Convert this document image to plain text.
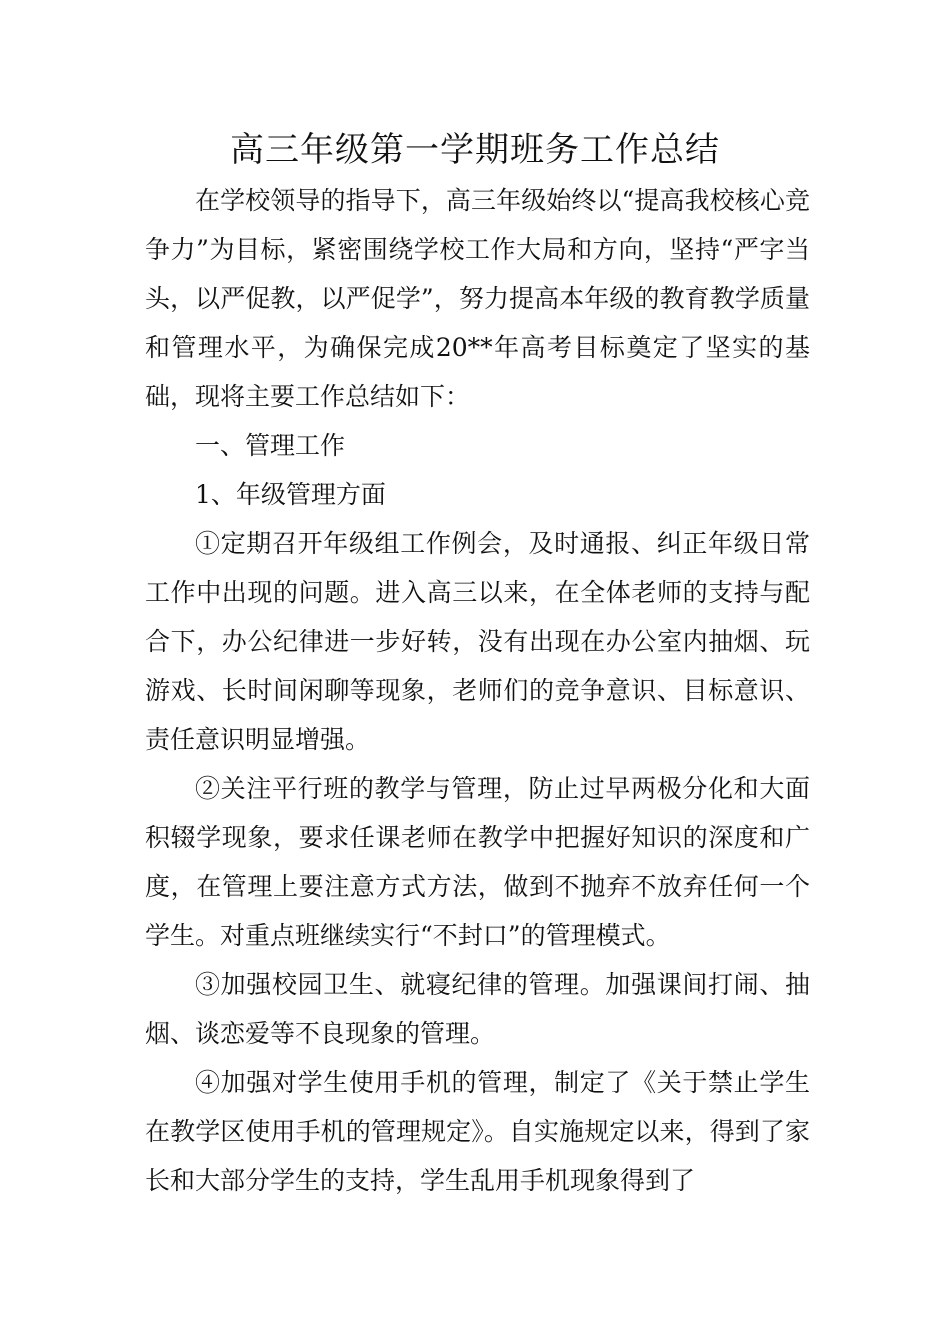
高三年级第一学期班务工作总结

在学校领导的指导下，高三年级始终以“提高我校核心竞争力”为目标，紧密围绕学校工作大局和方向，坚持“严字当头，以严促教，以严促学”，努力提高本年级的教育教学质量和管理水平，为确保完成20**年高考目标奠定了坚实的基础，现将主要工作总结如下：

一、管理工作

1、年级管理方面

①定期召开年级组工作例会，及时通报、纠正年级日常工作中出现的问题。进入高三以来，在全体老师的支持与配合下，办公纪律进一步好转，没有出现在办公室内抽烟、玩游戏、长时间闲聊等现象，老师们的竞争意识、目标意识、责任意识明显增强。

②关注平行班的教学与管理，防止过早两极分化和大面积辍学现象，要求任课老师在教学中把握好知识的深度和广度，在管理上要注意方式方法，做到不抛弃不放弃任何一个学生。对重点班继续实行“不封口”的管理模式。

③加强校园卫生、就寝纪律的管理。加强课间打闹、抽烟、谈恋爱等不良现象的管理。

④加强对学生使用手机的管理，制定了《关于禁止学生在教学区使用手机的管理规定》。自实施规定以来，得到了家长和大部分学生的支持，学生乱用手机现象得到了
